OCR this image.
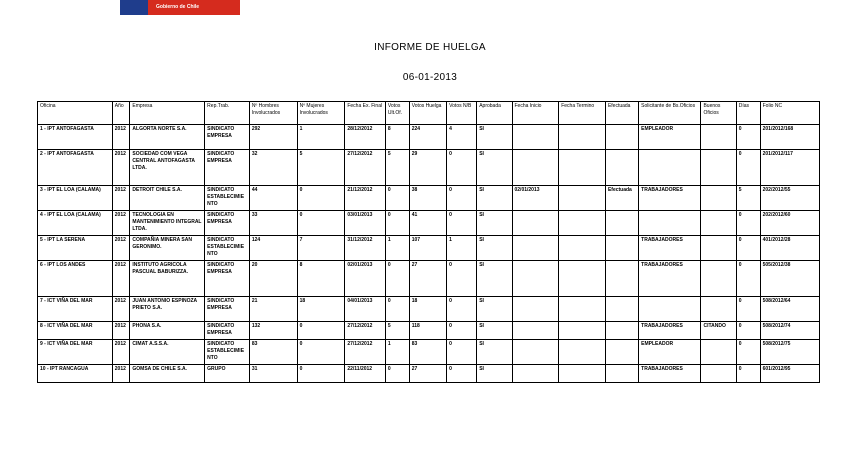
Gobierno de Chile
INFORME DE HUELGA
06-01-2013
Oficina	Año	Empresa	Rep.Trab.	Nº Hombres Involucrados	Nº Mujeres Involucrados	Fecha Ex. Final	Votos Ult.Of.	Votos Huelga	Votos N/B	Aprobada	Fecha Inicio	Fecha Termino	Efectuada	Solicitante de Bs.Oficios	Buenos Oficios	Días	Folio NC
1 - IPT ANTOFAGASTA	2012	ALGORTA NORTE S.A.	SINDICATO EMPRESA	292	1	28/12/2012	8	224	4	SI				EMPLEADOR		0	201/2012/168
2 - IPT ANTOFAGASTA	2012	SOCIEDAD COM VEGA CENTRAL ANTOFAGASTA LTDA.	SINDICATO EMPRESA	32	5	27/12/2012	5	29	0	SI						0	201/2012/117
3 - IPT EL LOA (CALAMA)	2012	DETROIT CHILE S.A.	SINDICATO ESTABLECIMIENTO	44	0	21/12/2012	0	38	0	SI	02/01/2013		Efectuada	TRABAJADORES		5	202/2012/55
4 - IPT EL LOA (CALAMA)	2012	TECNOLOGIA EN MANTENIMIENTO INTEGRAL LTDA.	SINDICATO EMPRESA	33	0	03/01/2013	0	41	0	SI						0	202/2012/60
5 - IPT LA SERENA	2012	COMPAÑIA MINERA SAN GERONIMO.	SINDICATO ESTABLECIMIENTO	124	7	31/12/2012	1	107	1	SI				TRABAJADORES		0	401/2012/28
6 - IPT LOS ANDES	2012	INSTITUTO AGRICOLA PASCUAL BABURIZZA.	SINDICATO EMPRESA	20	8	02/01/2013	0	27	0	SI				TRABAJADORES		0	505/2012/38
7 - ICT VIÑA DEL MAR	2012	JUAN ANTONIO ESPINOZA PRIETO S.A.	SINDICATO EMPRESA	21	18	04/01/2013	0	18	0	SI						0	508/2012/64
8 - ICT VIÑA DEL MAR	2012	PHONA S.A.	SINDICATO EMPRESA	132	0	27/12/2012	5	118	0	SI				TRABAJADORES	CITANDO	0	508/2012/74
9 - ICT VIÑA DEL MAR	2012	CIMAT A.S.S.A.	SINDICATO ESTABLECIMIENTO	83	0	27/12/2012	1	83	0	SI				EMPLEADOR		0	508/2012/75
10 - IPT RANCAGUA	2012	GOMSA DE CHILE S.A.	GRUPO	31	0	22/11/2012	0	27	0	SI				TRABAJADORES		0	601/2012/95
